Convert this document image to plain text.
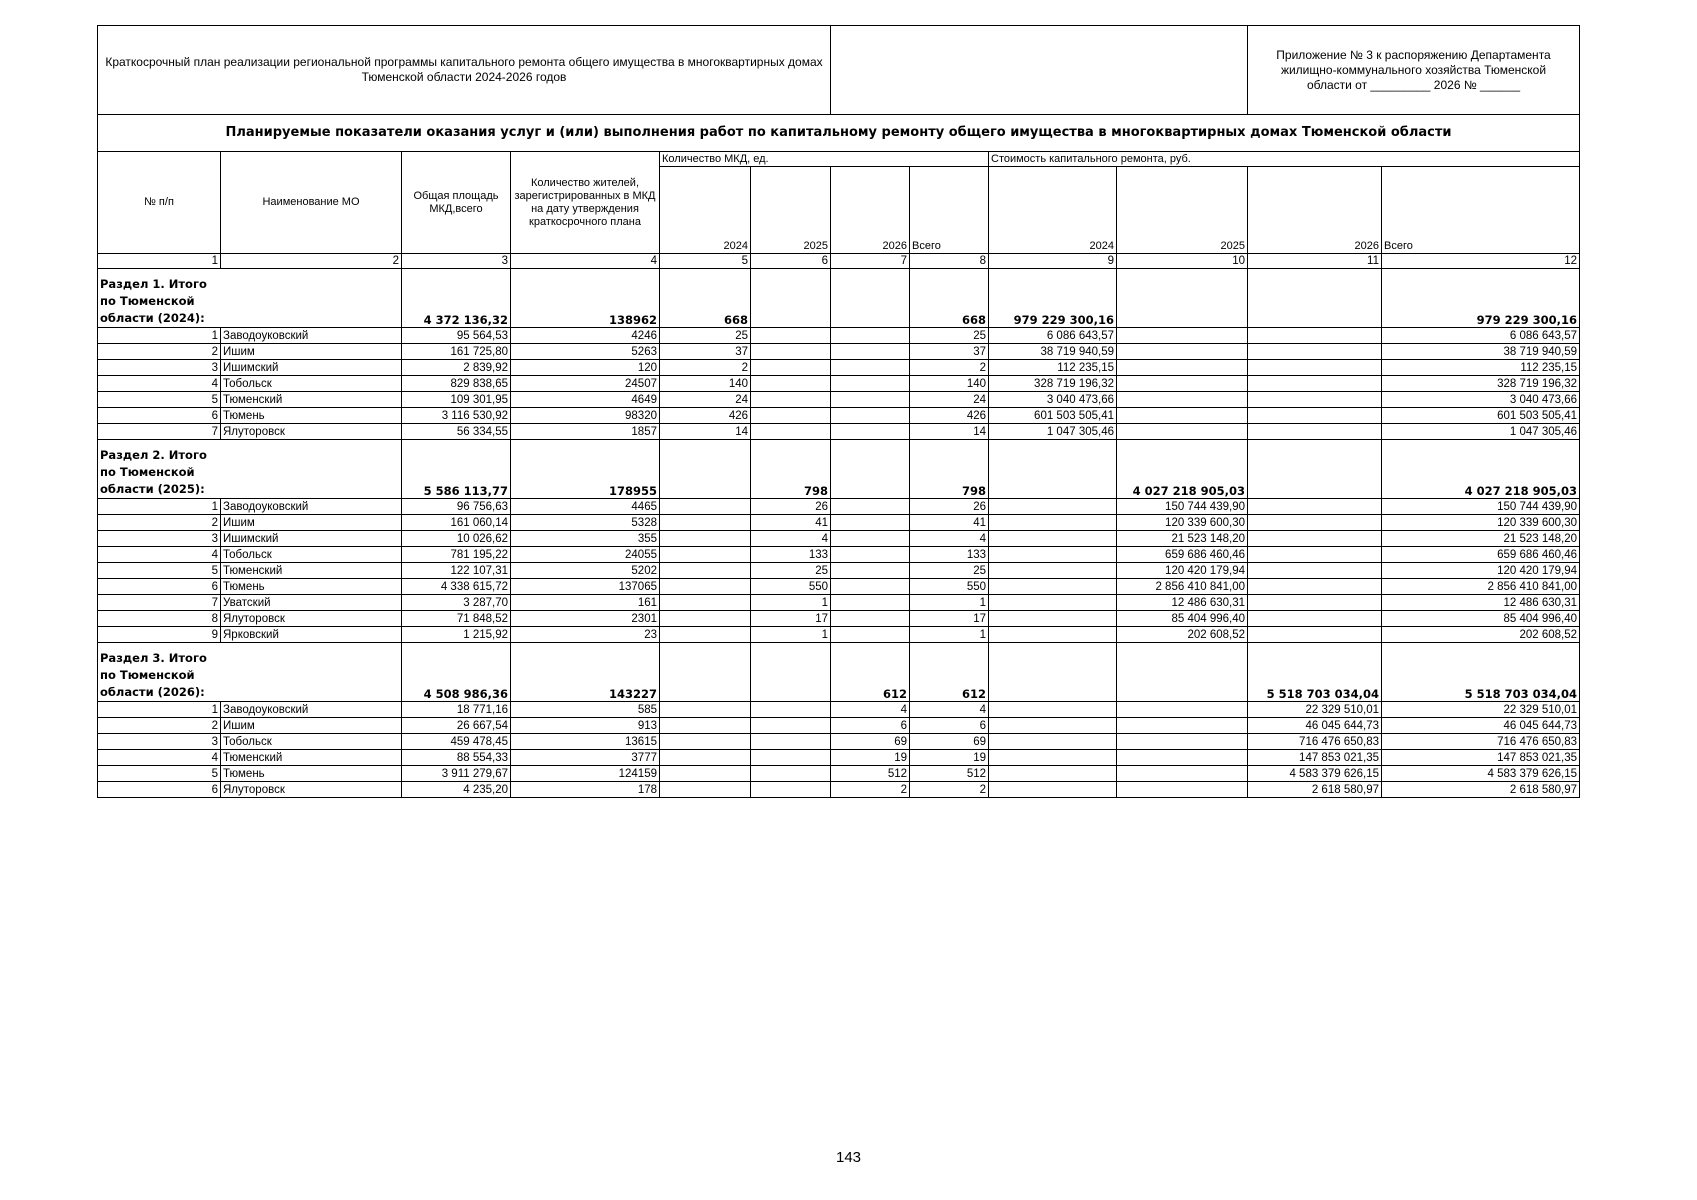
Краткосрочный план реализации региональной программы капитального ремонта общего имущества в многоквартирных домах Тюменской области 2024-2026 годов										Приложение № 3 к распоряжению Департамента жилищно-коммунального хозяйства Тюменской области от _________ 2026 № ______	
Планируемые показатели оказания услуг и (или) выполнения работ по капитальному ремонту общего имущества в многоквартирных домах Тюменской области											
№ п/п	Наименование МО	Общая площадь МКД,всего	Количество жителей, зарегистрированных в МКД на дату утверждения краткосрочного плана	Количество МКД, ед.				Стоимость капитального ремонта, руб.			
				2024	2025	2026	Всего	2024	2025	2026	Всего
1	2	3	4	5	6	7	8	9	10	11	12

Раздел 1. Итого по Тюменской области (2024):		4 372 136,32	138962	668			668	979 229 300,16			979 229 300,16
1	Заводоуковский	95 564,53	4246	25			25	6 086 643,57			6 086 643,57
2	Ишим	161 725,80	5263	37			37	38 719 940,59			38 719 940,59
3	Ишимский	2 839,92	120	2			2	112 235,15			112 235,15
4	Тобольск	829 838,65	24507	140			140	328 719 196,32			328 719 196,32
5	Тюменский	109 301,95	4649	24			24	3 040 473,66			3 040 473,66
6	Тюмень	3 116 530,92	98320	426			426	601 503 505,41			601 503 505,41
7	Ялуторовск	56 334,55	1857	14			14	1 047 305,46			1 047 305,46

Раздел 2. Итого по Тюменской области (2025):		5 586 113,77	178955		798		798		4 027 218 905,03		4 027 218 905,03
1	Заводоуковский	96 756,63	4465		26		26		150 744 439,90		150 744 439,90
2	Ишим	161 060,14	5328		41		41		120 339 600,30		120 339 600,30
3	Ишимский	10 026,62	355		4		4		21 523 148,20		21 523 148,20
4	Тобольск	781 195,22	24055		133		133		659 686 460,46		659 686 460,46
5	Тюменский	122 107,31	5202		25		25		120 420 179,94		120 420 179,94
6	Тюмень	4 338 615,72	137065		550		550		2 856 410 841,00		2 856 410 841,00
7	Уватский	3 287,70	161		1		1		12 486 630,31		12 486 630,31
8	Ялуторовск	71 848,52	2301		17		17		85 404 996,40		85 404 996,40
9	Ярковский	1 215,92	23		1		1		202 608,52		202 608,52

Раздел 3. Итого по Тюменской области (2026):		4 508 986,36	143227			612	612			5 518 703 034,04	5 518 703 034,04
1	Заводоуковский	18 771,16	585			4	4			22 329 510,01	22 329 510,01
2	Ишим	26 667,54	913			6	6			46 045 644,73	46 045 644,73
3	Тобольск	459 478,45	13615			69	69			716 476 650,83	716 476 650,83
4	Тюменский	88 554,33	3777			19	19			147 853 021,35	147 853 021,35
5	Тюмень	3 911 279,67	124159			512	512			4 583 379 626,15	4 583 379 626,15
6	Ялуторовск	4 235,20	178			2	2			2 618 580,97	2 618 580,97
143
